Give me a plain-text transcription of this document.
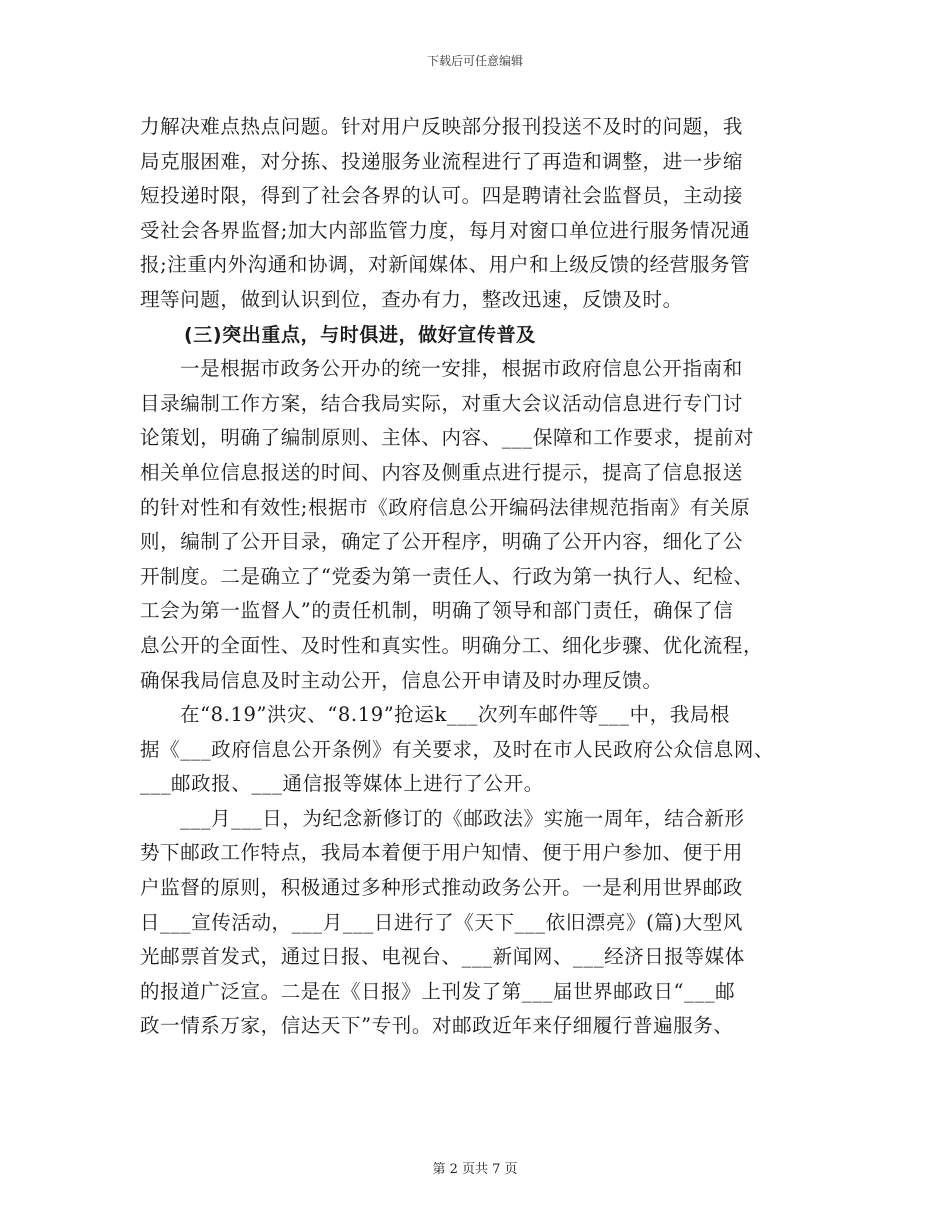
下载后可任意编辑
力解决难点热点问题。针对用户反映部分报刊投送不及时的问题，我
局克服困难，对分拣、投递服务业流程进行了再造和调整，进一步缩
短投递时限，得到了社会各界的认可。四是聘请社会监督员，主动接
受社会各界监督;加大内部监管力度，每月对窗口单位进行服务情况通
报;注重内外沟通和协调，对新闻媒体、用户和上级反馈的经营服务管
理等问题，做到认识到位，查办有力，整改迅速，反馈及时。
(三)突出重点，与时俱进，做好宣传普及
一是根据市政务公开办的统一安排，根据市政府信息公开指南和
目录编制工作方案，结合我局实际，对重大会议活动信息进行专门讨
论策划，明确了编制原则、主体、内容、___保障和工作要求，提前对
相关单位信息报送的时间、内容及侧重点进行提示，提高了信息报送
的针对性和有效性;根据市《政府信息公开编码法律规范指南》有关原
则，编制了公开目录，确定了公开程序，明确了公开内容，细化了公
开制度。二是确立了“党委为第一责任人、行政为第一执行人、纪检、
工会为第一监督人”的责任机制，明确了领导和部门责任，确保了信
息公开的全面性、及时性和真实性。明确分工、细化步骤、优化流程，
确保我局信息及时主动公开，信息公开申请及时办理反馈。
在“8.19”洪灾、“8.19”抢运k___次列车邮件等___中，我局根
据《___政府信息公开条例》有关要求，及时在市人民政府公众信息网、
___邮政报、___通信报等媒体上进行了公开。
___月___日，为纪念新修订的《邮政法》实施一周年，结合新形
势下邮政工作特点，我局本着便于用户知情、便于用户参加、便于用
户监督的原则，积极通过多种形式推动政务公开。一是利用世界邮政
日___宣传活动，___月___日进行了《天下___依旧漂亮》(篇)大型风
光邮票首发式，通过日报、电视台、___新闻网、___经济日报等媒体
的报道广泛宣。二是在《日报》上刊发了第___届世界邮政日“___邮
政一情系万家，信达天下”专刊。对邮政近年来仔细履行普遍服务、
第 2 页共 7 页
